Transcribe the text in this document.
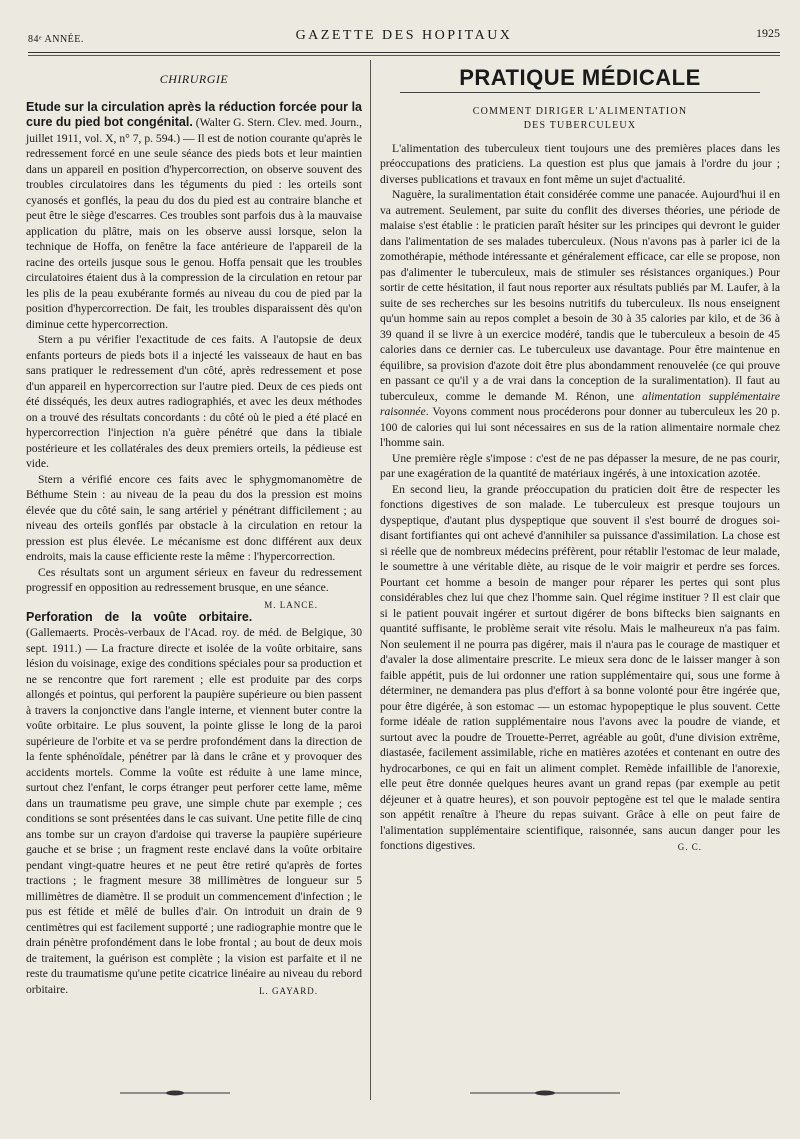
84ᵉ ANNÉE.	GAZETTE DES HOPITAUX	1925
CHIRURGIE

Etude sur la circulation après la réduction forcée pour la cure du pied bot congénital. (Walter G. Stern. Clev. med. Journ., juillet 1911, vol. X, n° 7, p. 594.) — Il est de notion courante qu'après le redressement forcé en une seule séance des pieds bots et leur maintien dans un appareil en position d'hypercorrection, on observe souvent des troubles circulatoires dans les téguments du pied : les orteils sont cyanosés et gonflés, la peau du dos du pied est au contraire blanche et peut être le siège d'escarres. Ces troubles sont parfois dus à la mauvaise application du plâtre, mais on les observe aussi lorsque, selon la technique de Hoffa, on fenêtre la face antérieure de l'appareil de la racine des orteils jusque sous le genou. Hoffa pensait que les troubles circulatoires étaient dus à la compression de la circulation en retour par les plis de la peau exubérante formés au niveau du cou de pied par la position d'hypercorrection. De fait, les troubles disparaissent dès qu'on diminue cette hypercorrection.

Stern a pu vérifier l'exactitude de ces faits. A l'autopsie de deux enfants porteurs de pieds bots il a injecté les vaisseaux de haut en bas sans pratiquer le redressement d'un côté, après redressement et pose d'un appareil en hypercorrection sur l'autre pied. Deux de ces pieds ont été disséqués, les deux autres radiographiés, et avec les deux méthodes on a trouvé des résultats concordants : du côté où le pied a été placé en hypercorrection l'injection n'a guère pénétré que dans la tibiale postérieure et les collatérales des deux premiers orteils, la pédieuse est vide.

Stern a vérifié encore ces faits avec le sphygmomanomètre de Béthume Stein : au niveau de la peau du dos la pression est moins élevée que du côté sain, le sang artériel y pénétrant difficilement ; au niveau des orteils gonflés par obstacle à la circulation en retour la pression est plus élevée. Le mécanisme est donc différent aux deux endroits, mais la cause efficiente reste la même : l'hypercorrection.

Ces résultats sont un argument sérieux en faveur du redressement progressif en opposition au redressement brusque, en une séance.
M. LANCE.

Perforation de la voûte orbitaire. (Gallemaerts. Procès-verbaux de l'Acad. roy. de méd. de Belgique, 30 sept. 1911.) — La fracture directe et isolée de la voûte orbitaire, sans lésion du voisinage, exige des conditions spéciales pour sa production et ne se rencontre que fort rarement ; elle est produite par des corps allongés et pointus, qui perforent la paupière supérieure ou bien passent à travers la conjonctive dans l'angle interne, et viennent buter contre la voûte orbitaire. Le plus souvent, la pointe glisse le long de la paroi supérieure de l'orbite et va se perdre profondément dans la direction de la fente sphénoïdale, pénétrer par là dans le crâne et y provoquer des accidents mortels. Comme la voûte est réduite à une lame mince, surtout chez l'enfant, le corps étranger peut perforer cette lame, même dans un traumatisme peu grave, une simple chute par exemple ; ces conditions se sont présentées dans le cas suivant. Une petite fille de cinq ans tombe sur un crayon d'ardoise qui traverse la paupière supérieure gauche et se brise ; un fragment reste enclavé dans la voûte orbitaire pendant vingt-quatre heures et ne peut être retiré qu'après de fortes tractions ; le fragment mesure 38 millimètres de longueur sur 5 millimètres de diamètre. Il se produit un commencement d'infection ; le pus est fétide et mêlé de bulles d'air. On introduit un drain de 9 centimètres qui est facilement supporté ; une radiographie montre que le drain pénètre profondément dans le lobe frontal ; au bout de deux mois de traitement, la guérison est complète ; la vision est parfaite et il ne reste du traumatisme qu'une petite cicatrice linéaire au niveau du rebord orbitaire.	L. GAYARD.

PRATIQUE MÉDICALE
COMMENT DIRIGER L'ALIMENTATION
DES TUBERCULEUX

L'alimentation des tuberculeux tient toujours une des premières places dans les préoccupations des praticiens. La question est plus que jamais à l'ordre du jour ; diverses publications et travaux en font même un sujet d'actualité.

Naguère, la suralimentation était considérée comme une panacée. Aujourd'hui il en va autrement. Seulement, par suite du conflit des diverses théories, une période de malaise s'est établie : le praticien paraît hésiter sur les principes qui devront le guider dans l'alimentation de ses malades tuberculeux. (Nous n'avons pas à parler ici de la zomothérapie, méthode intéressante et généralement efficace, car elle se propose, non pas d'alimenter le tuberculeux, mais de stimuler ses résistances organiques.) Pour sortir de cette hésitation, il faut nous reporter aux résultats publiés par M. Laufer, à la suite de ses recherches sur les besoins nutritifs du tuberculeux. Ils nous enseignent qu'un homme sain au repos complet a besoin de 30 à 35 calories par kilo, et de 36 à 39 quand il se livre à un exercice modéré, tandis que le tuberculeux a besoin de 45 calories dans ce dernier cas. Le tuberculeux use davantage. Pour être maintenue en équilibre, sa provision d'azote doit être plus abondamment renouvelée (ce qui prouve en passant ce qu'il y a de vrai dans la conception de la suralimentation). Il faut au tuberculeux, comme le demande M. Rénon, une alimentation supplémentaire raisonnée. Voyons comment nous procéderons pour donner au tuberculeux les 20 p. 100 de calories qui lui sont nécessaires en sus de la ration alimentaire normale chez l'homme sain.

Une première règle s'impose : c'est de ne pas dépasser la mesure, de ne pas courir, par une exagération de la quantité de matériaux ingérés, à une intoxication azotée.

En second lieu, la grande préoccupation du praticien doit être de respecter les fonctions digestives de son malade. Le tuberculeux est presque toujours un dyspeptique, d'autant plus dyspeptique que souvent il s'est bourré de drogues soi-disant fortifiantes qui ont achevé d'annihiler sa puissance d'assimilation. La chose est si réelle que de nombreux médecins préfèrent, pour rétablir l'estomac de leur malade, le soumettre à une véritable diète, au risque de le voir maigrir et perdre ses forces. Pourtant cet homme a besoin de manger pour réparer les pertes qui sont plus considérables chez lui que chez l'homme sain. Quel régime instituer ? Il est clair que si le patient pouvait ingérer et surtout digérer de bons biftecks bien saignants en quantité suffisante, le problème serait vite résolu. Mais le malheureux n'a pas faim. Non seulement il ne pourra pas digérer, mais il n'aura pas le courage de mastiquer et d'avaler la dose alimentaire prescrite. Le mieux sera donc de le laisser manger à son faible appétit, puis de lui ordonner une ration supplémentaire qui, sous une forme à déterminer, ne demandera pas plus d'effort à sa bonne volonté pour être ingérée que, pour être digérée, à son estomac — un estomac hypopeptique le plus souvent. Cette forme idéale de ration supplémentaire nous l'avons avec la poudre de viande, et surtout avec la poudre de Trouette-Perret, agréable au goût, d'une division extrême, diastasée, facilement assimilable, riche en matières azotées et contenant en outre des hydrocarbones, ce qui en fait un aliment complet. Remède infaillible de l'anorexie, elle peut être donnée quelques heures avant un grand repas (par exemple au petit déjeuner et à quatre heures), et son pouvoir peptogène est tel que le malade sentira son appétit renaître à l'heure du repas suivant. Grâce à elle on peut faire de l'alimentation supplémentaire scientifique, raisonnée, sans aucun danger pour les fonctions digestives.	G. C.
